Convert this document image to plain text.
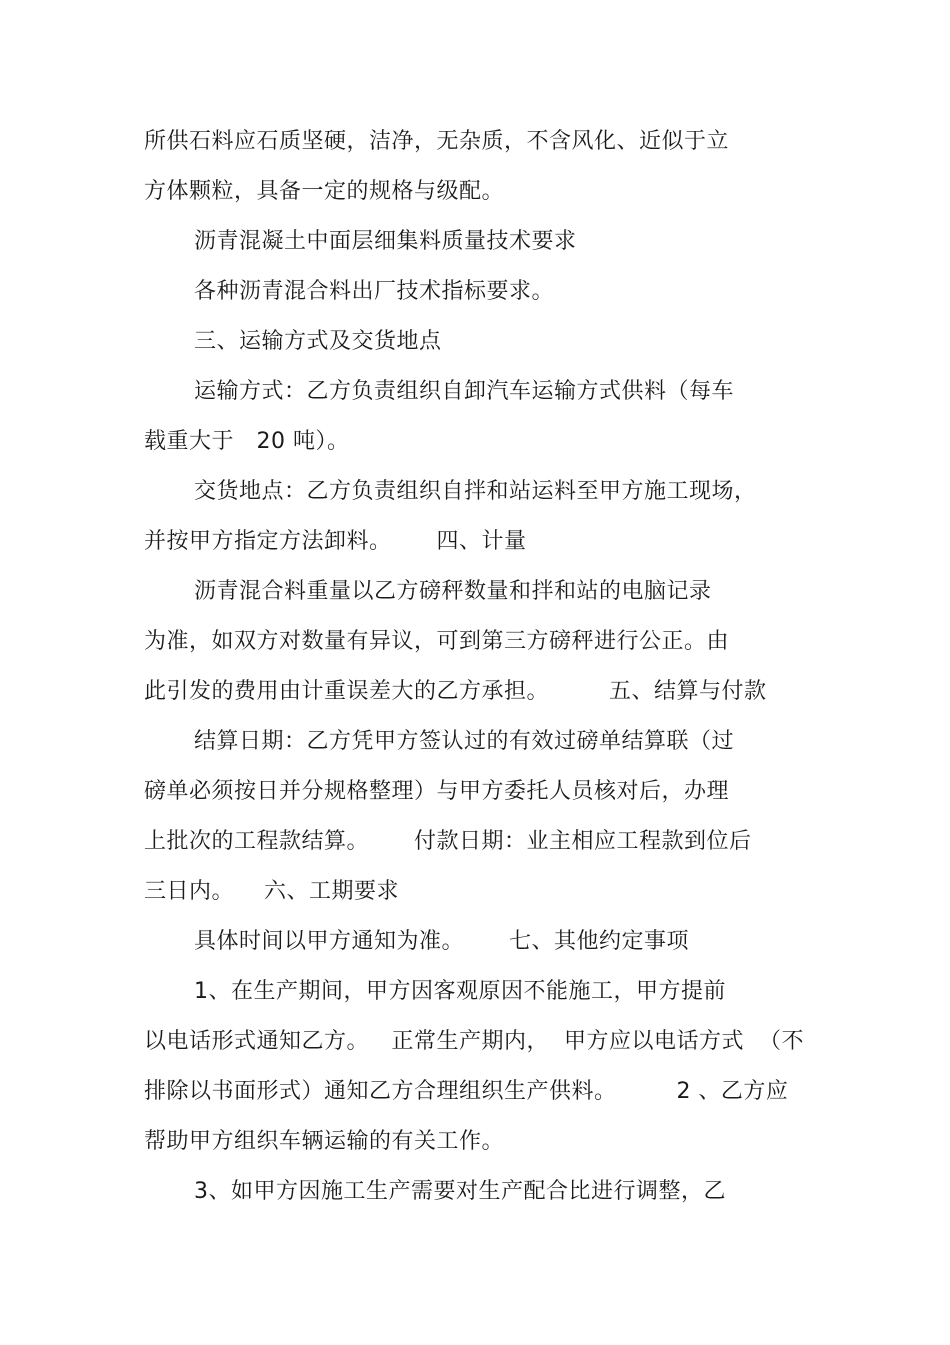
所供石料应石质坚硬，洁净，无杂质，不含风化、近似于立
方体颗粒，具备一定的规格与级配。
沥青混凝土中面层细集料质量技术要求
各种沥青混合料出厂技术指标要求。
三、运输方式及交货地点
运输方式：乙方负责组织自卸汽车运输方式供料（每车
载重大于   20 吨）。
交货地点：乙方负责组织自拌和站运料至甲方施工现场，
并按甲方指定方法卸料。      四、计量
沥青混合料重量以乙方磅秤数量和拌和站的电脑记录
为准，如双方对数量有异议，可到第三方磅秤进行公正。由
此引发的费用由计重误差大的乙方承担。        五、结算与付款
结算日期：乙方凭甲方签认过的有效过磅单结算联（过
磅单必须按日并分规格整理）与甲方委托人员核对后，办理
上批次的工程款结算。      付款日期：业主相应工程款到位后
三日内。    六、工期要求
具体时间以甲方通知为准。      七、其他约定事项
1、在生产期间，甲方因客观原因不能施工，甲方提前
以电话形式通知乙方。   正常生产期内，  甲方应以电话方式  （不
排除以书面形式）通知乙方合理组织生产供料。        2 、乙方应
帮助甲方组织车辆运输的有关工作。
3、如甲方因施工生产需要对生产配合比进行调整，乙
